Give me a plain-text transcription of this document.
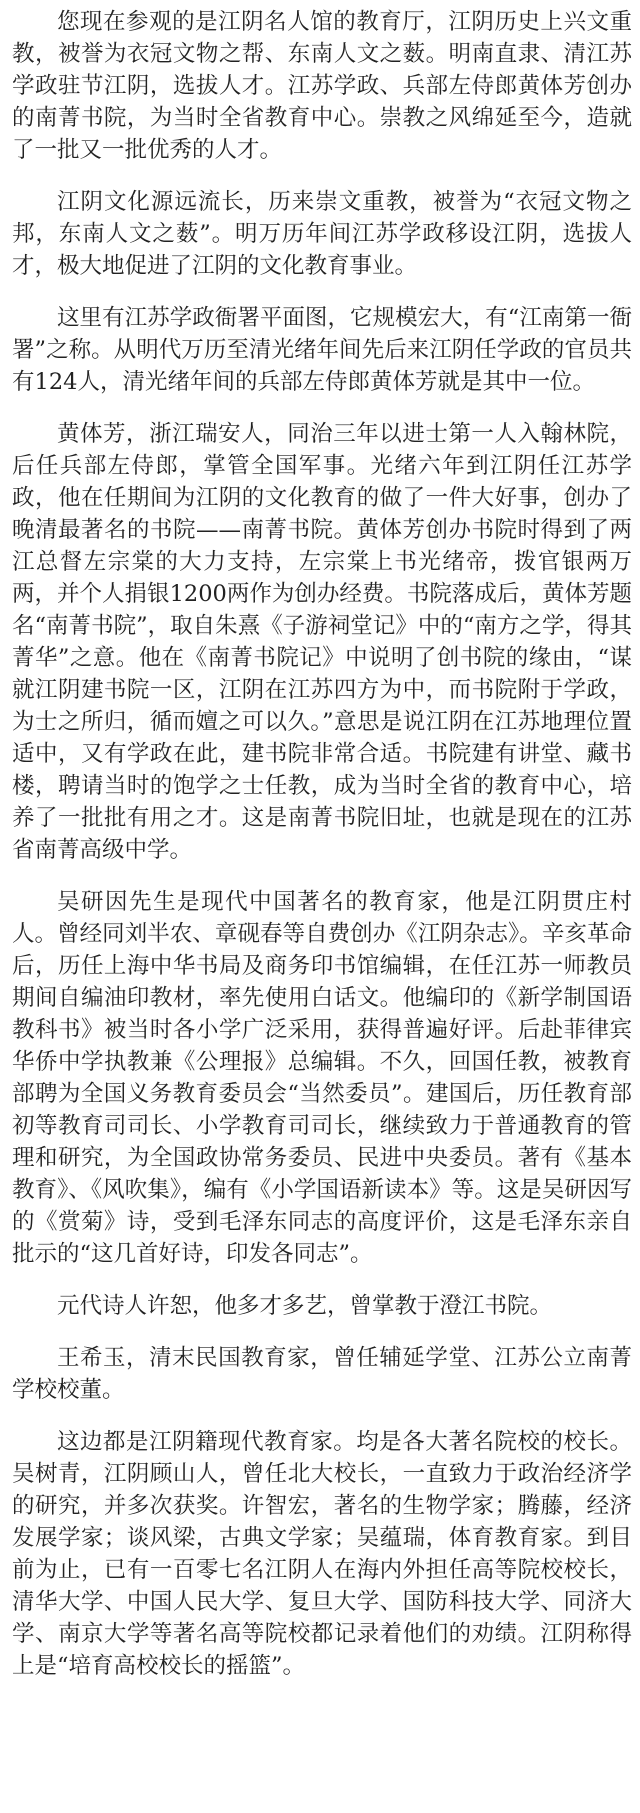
您现在参观的是江阴名人馆的教育厅，江阴历史上兴文重教，被誉为衣冠文物之帮、东南人文之薮。明南直隶、清江苏学政驻节江阴，选拔人才。江苏学政、兵部左侍郎黄体芳创办的南菁书院，为当时全省教育中心。崇教之风绵延至今，造就了一批又一批优秀的人才。

江阴文化源远流长，历来崇文重教，被誉为“衣冠文物之邦，东南人文之薮”。明万历年间江苏学政移设江阴，选拔人才，极大地促进了江阴的文化教育事业。

这里有江苏学政衙署平面图，它规模宏大，有“江南第一衙署”之称。从明代万历至清光绪年间先后来江阴任学政的官员共有124人，清光绪年间的兵部左侍郎黄体芳就是其中一位。

黄体芳，浙江瑞安人，同治三年以进士第一人入翰林院，后任兵部左侍郎，掌管全国军事。光绪六年到江阴任江苏学政，他在任期间为江阴的文化教育的做了一件大好事，创办了晚清最著名的书院——南菁书院。黄体芳创办书院时得到了两江总督左宗棠的大力支持，左宗棠上书光绪帝，拨官银两万两，并个人捐银1200两作为创办经费。书院落成后，黄体芳题名“南菁书院”，取自朱熹《子游祠堂记》中的“南方之学，得其菁华”之意。他在《南菁书院记》中说明了创书院的缘由，“谋就江阴建书院一区，江阴在江苏四方为中，而书院附于学政，为士之所归，循而嬗之可以久。”意思是说江阴在江苏地理位置适中，又有学政在此，建书院非常合适。书院建有讲堂、藏书楼，聘请当时的饱学之士任教，成为当时全省的教育中心，培养了一批批有用之才。这是南菁书院旧址，也就是现在的江苏省南菁高级中学。

吴研因先生是现代中国著名的教育家，他是江阴贯庄村人。曾经同刘半农、章砚春等自费创办《江阴杂志》。辛亥革命后，历任上海中华书局及商务印书馆编辑，在任江苏一师教员期间自编油印教材，率先使用白话文。他编印的《新学制国语教科书》被当时各小学广泛采用，获得普遍好评。后赴菲律宾华侨中学执教兼《公理报》总编辑。不久，回国任教，被教育部聘为全国义务教育委员会“当然委员”。建国后，历任教育部初等教育司司长、小学教育司司长，继续致力于普通教育的管理和研究，为全国政协常务委员、民进中央委员。著有《基本教育》、《风吹集》，编有《小学国语新读本》等。这是吴研因写的《赏菊》诗，受到毛泽东同志的高度评价，这是毛泽东亲自批示的“这几首好诗，印发各同志”。

元代诗人许恕，他多才多艺，曾掌教于澄江书院。

王希玉，清末民国教育家，曾任辅延学堂、江苏公立南菁学校校董。

这边都是江阴籍现代教育家。均是各大著名院校的校长。吴树青，江阴顾山人，曾任北大校长，一直致力于政治经济学的研究，并多次获奖。许智宏，著名的生物学家；腾藤，经济发展学家；谈风梁，古典文学家；吴蕴瑞，体育教育家。到目前为止，已有一百零七名江阴人在海内外担任高等院校校长，清华大学、中国人民大学、复旦大学、国防科技大学、同济大学、南京大学等著名高等院校都记录着他们的劝绩。江阴称得上是“培育高校校长的摇篮”。
